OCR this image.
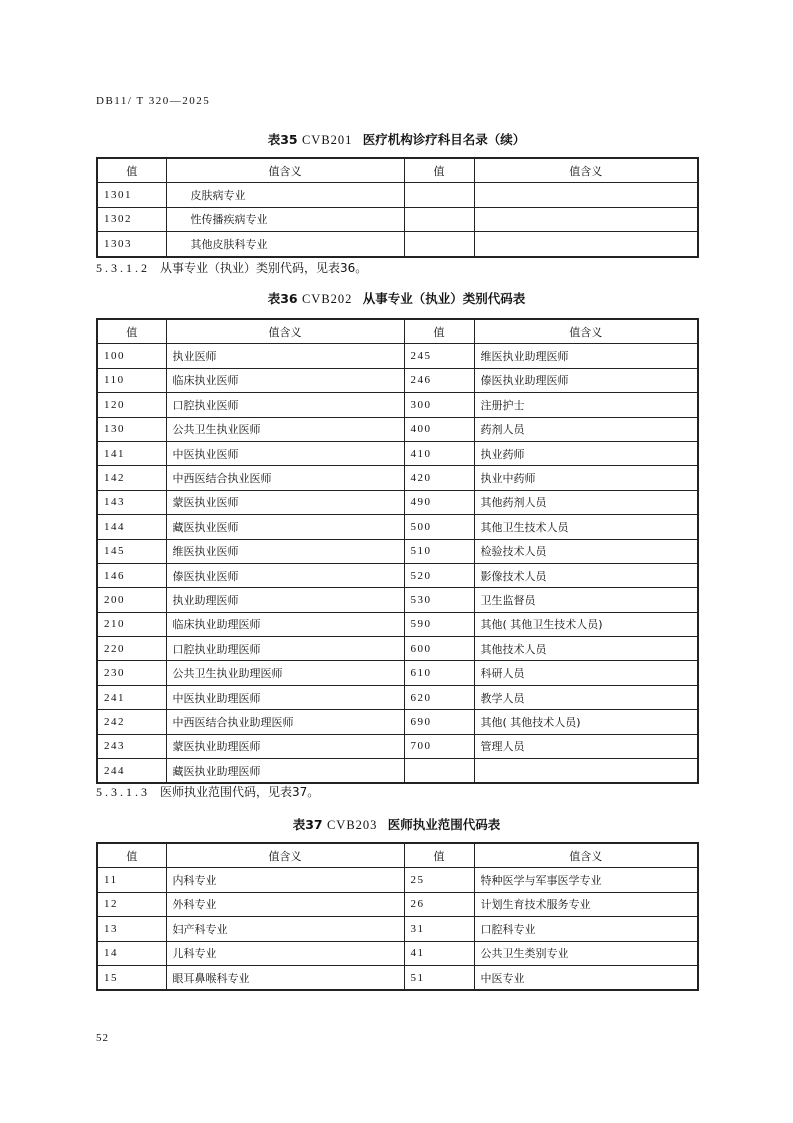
DB11/ T 320—2025
表35 CVB201 医疗机构诊疗科目名录（续）
值	值含义	值	值含义
1301	皮肤病专业		
1302	性传播疾病专业		
1303	其他皮肤科专业		
5.3.1.2 从事专业（执业）类别代码，见表36。
表36 CVB202 从事专业（执业）类别代码表
值	值含义	值	值含义
100	执业医师	245	维医执业助理医师
110	临床执业医师	246	傣医执业助理医师
120	口腔执业医师	300	注册护士
130	公共卫生执业医师	400	药剂人员
141	中医执业医师	410	执业药师
142	中西医结合执业医师	420	执业中药师
143	蒙医执业医师	490	其他药剂人员
144	藏医执业医师	500	其他卫生技术人员
145	维医执业医师	510	检验技术人员
146	傣医执业医师	520	影像技术人员
200	执业助理医师	530	卫生监督员
210	临床执业助理医师	590	其他( 其他卫生技术人员)
220	口腔执业助理医师	600	其他技术人员
230	公共卫生执业助理医师	610	科研人员
241	中医执业助理医师	620	教学人员
242	中西医结合执业助理医师	690	其他( 其他技术人员)
243	蒙医执业助理医师	700	管理人员
244	藏医执业助理医师		
5.3.1.3 医师执业范围代码，见表37。
表37 CVB203 医师执业范围代码表
值	值含义	值	值含义
11	内科专业	25	特种医学与军事医学专业
12	外科专业	26	计划生育技术服务专业
13	妇产科专业	31	口腔科专业
14	儿科专业	41	公共卫生类别专业
15	眼耳鼻喉科专业	51	中医专业
52
